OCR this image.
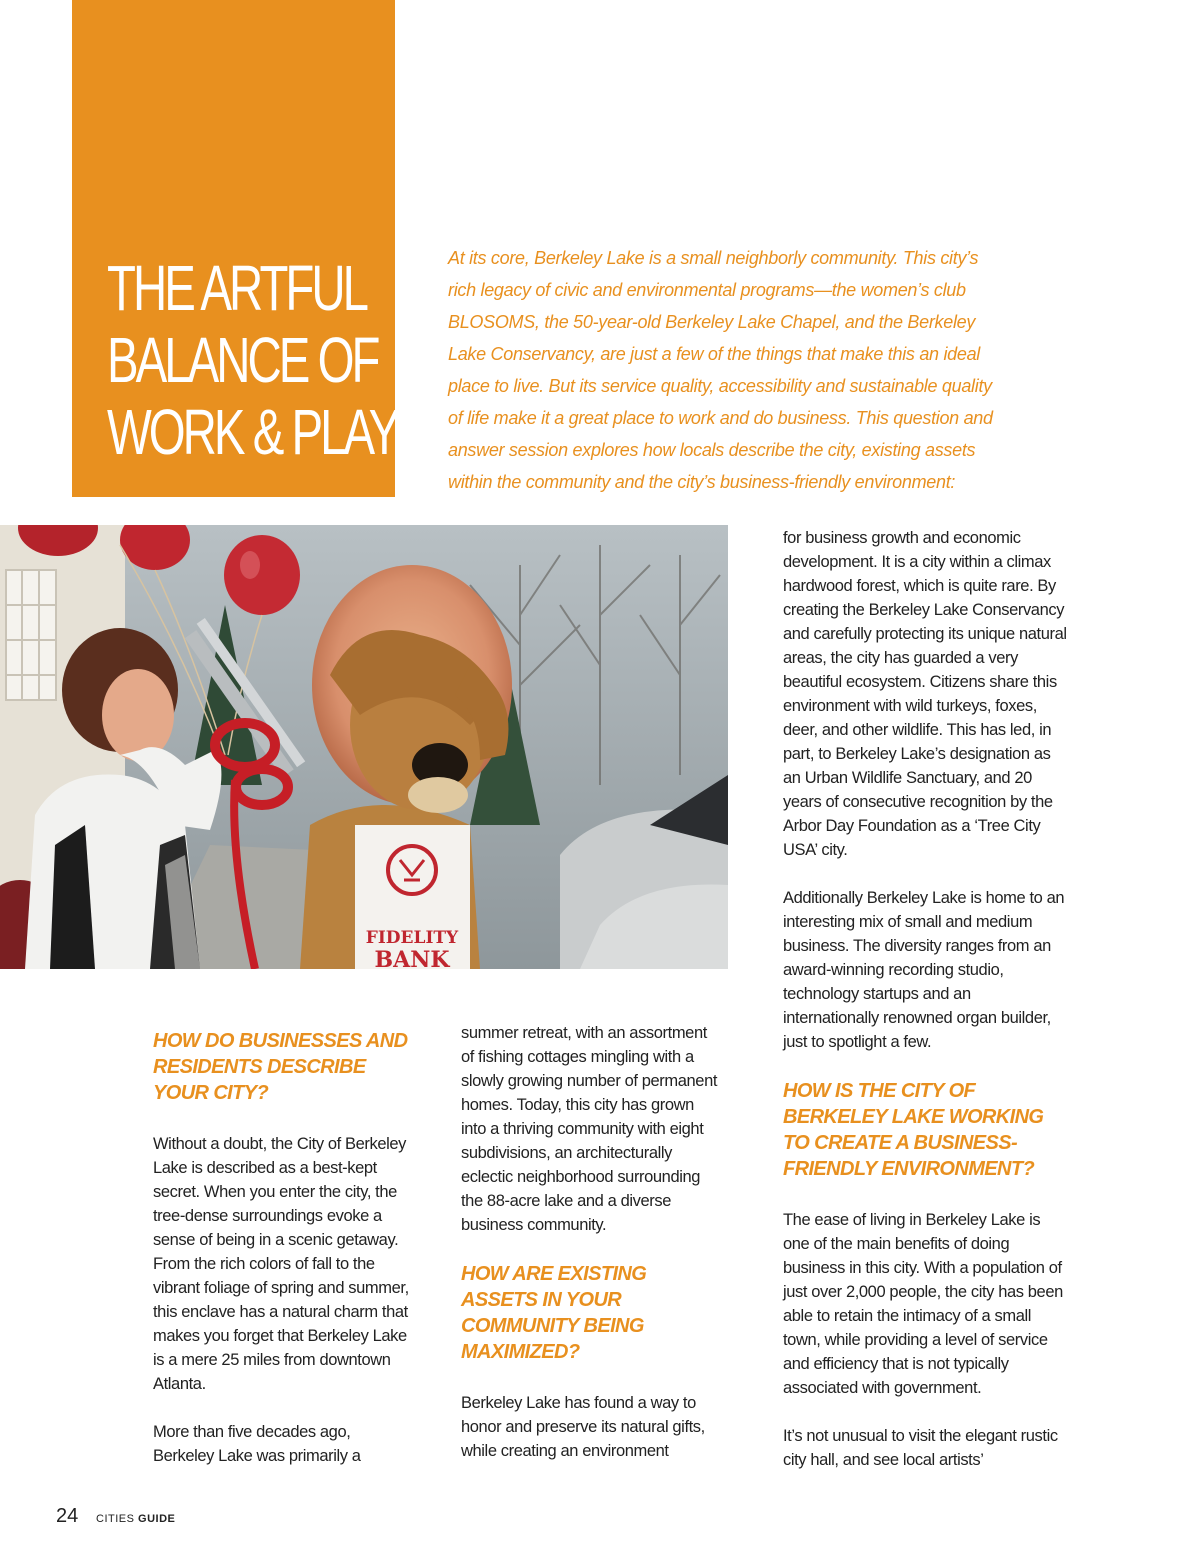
THE ARTFUL
BALANCE OF
WORK & PLAY

At its core, Berkeley Lake is a small neighborly community. This city’s rich legacy of civic and environmental programs—the women’s club BLOSOMS, the 50-year-old Berkeley Lake Chapel, and the Berkeley Lake Conservancy, are just a few of the things that make this an ideal place to live. But its service quality, accessibility and sustainable quality of life make it a great place to work and do business. This question and answer session explores how locals describe the city, existing assets within the community and the city’s business-friendly environment:

FIDELITY
BANK
HOW DO BUSINESSES AND RESIDENTS DESCRIBE YOUR CITY?

Without a doubt, the City of Berkeley Lake is described as a best-kept secret. When you enter the city, the tree-dense surroundings evoke a sense of being in a scenic getaway. From the rich colors of fall to the vibrant foliage of spring and summer, this enclave has a natural charm that makes you forget that Berkeley Lake is a mere 25 miles from downtown Atlanta.

More than five decades ago, Berkeley Lake was primarily a

summer retreat, with an assortment of fishing cottages mingling with a slowly growing number of permanent homes. Today, this city has grown into a thriving community with eight subdivisions, an architecturally eclectic neighborhood surrounding the 88-acre lake and a diverse business community.

HOW ARE EXISTING ASSETS IN YOUR COMMUNITY BEING MAXIMIZED?

Berkeley Lake has found a way to honor and preserve its natural gifts, while creating an environment

for business growth and economic development. It is a city within a climax hardwood forest, which is quite rare. By creating the Berkeley Lake Conservancy and carefully protecting its unique natural areas, the city has guarded a very beautiful ecosystem. Citizens share this environment with wild turkeys, foxes, deer, and other wildlife. This has led, in part, to Berkeley Lake’s designation as an Urban Wildlife Sanctuary, and 20 years of consecutive recognition by the Arbor Day Foundation as a ‘Tree City USA’ city.

Additionally Berkeley Lake is home to an interesting mix of small and medium business. The diversity ranges from an award-winning recording studio, technology startups and an internationally renowned organ builder, just to spotlight a few.

HOW IS THE CITY OF BERKELEY LAKE WORKING TO CREATE A BUSINESS-FRIENDLY ENVIRONMENT?

The ease of living in Berkeley Lake is one of the main benefits of doing business in this city. With a population of just over 2,000 people, the city has been able to retain the intimacy of a small town, while providing a level of service and efficiency that is not typically associated with government.

It’s not unusual to visit the elegant rustic city hall, and see local artists’

24 CITIES GUIDE
